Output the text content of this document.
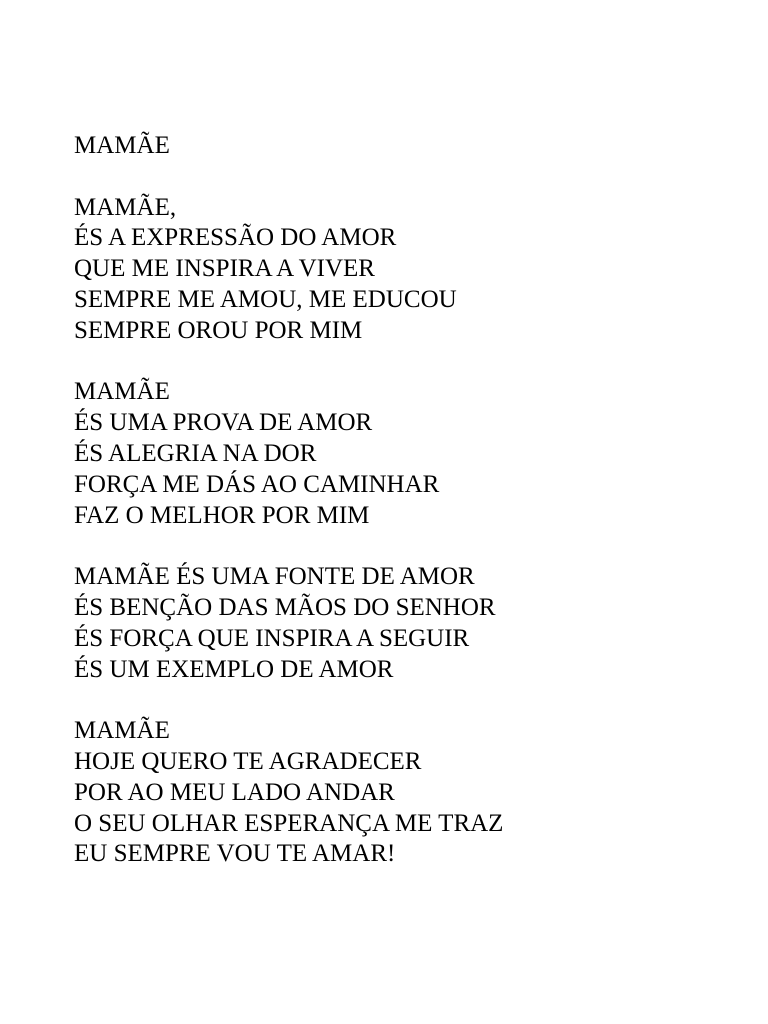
MAMÃE
MAMÃE,
ÉS A EXPRESSÃO DO AMOR
QUE ME INSPIRA A VIVER
SEMPRE ME AMOU, ME EDUCOU
SEMPRE OROU POR MIM
MAMÃE
ÉS UMA PROVA DE AMOR
ÉS ALEGRIA NA DOR
FORÇA ME DÁS AO CAMINHAR
FAZ O MELHOR POR MIM
MAMÃE ÉS UMA FONTE DE AMOR
ÉS BENÇÃO DAS MÃOS DO SENHOR
ÉS FORÇA QUE INSPIRA A SEGUIR
ÉS UM EXEMPLO DE AMOR
MAMÃE
HOJE QUERO TE AGRADECER
POR AO MEU LADO ANDAR
O SEU OLHAR ESPERANÇA ME TRAZ
EU SEMPRE VOU TE AMAR!
